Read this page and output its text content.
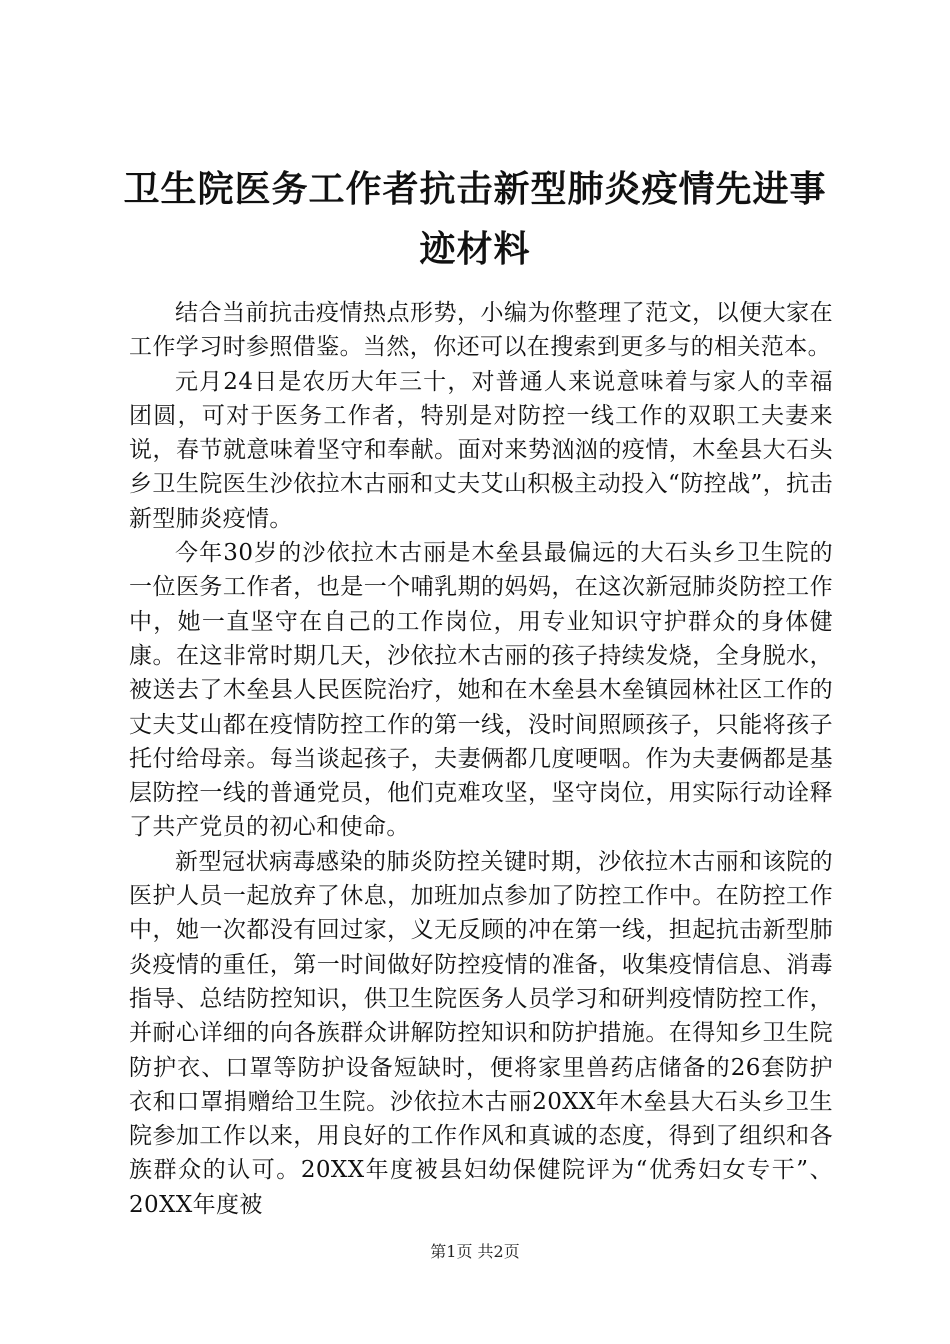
卫生院医务工作者抗击新型肺炎疫情先进事迹材料

结合当前抗击疫情热点形势，小编为你整理了范文，以便大家在工作学习时参照借鉴。当然，你还可以在搜索到更多与的相关范本。

元月24日是农历大年三十，对普通人来说意味着与家人的幸福团圆，可对于医务工作者，特别是对防控一线工作的双职工夫妻来说，春节就意味着坚守和奉献。面对来势汹汹的疫情，木垒县大石头乡卫生院医生沙依拉木古丽和丈夫艾山积极主动投入“防控战”，抗击新型肺炎疫情。

今年30岁的沙依拉木古丽是木垒县最偏远的大石头乡卫生院的一位医务工作者，也是一个哺乳期的妈妈，在这次新冠肺炎防控工作中，她一直坚守在自己的工作岗位，用专业知识守护群众的身体健康。在这非常时期几天，沙依拉木古丽的孩子持续发烧，全身脱水，被送去了木垒县人民医院治疗，她和在木垒县木垒镇园林社区工作的丈夫艾山都在疫情防控工作的第一线，没时间照顾孩子，只能将孩子托付给母亲。每当谈起孩子，夫妻俩都几度哽咽。作为夫妻俩都是基层防控一线的普通党员，他们克难攻坚，坚守岗位，用实际行动诠释了共产党员的初心和使命。

新型冠状病毒感染的肺炎防控关键时期，沙依拉木古丽和该院的医护人员一起放弃了休息，加班加点参加了防控工作中。在防控工作中，她一次都没有回过家，义无反顾的冲在第一线，担起抗击新型肺炎疫情的重任，第一时间做好防控疫情的准备，收集疫情信息、消毒指导、总结防控知识，供卫生院医务人员学习和研判疫情防控工作，并耐心详细的向各族群众讲解防控知识和防护措施。在得知乡卫生院防护衣、口罩等防护设备短缺时，便将家里兽药店储备的26套防护衣和口罩捐赠给卫生院。沙依拉木古丽20XX年木垒县大石头乡卫生院参加工作以来，用良好的工作作风和真诚的态度，得到了组织和各族群众的认可。20XX年度被县妇幼保健院评为“优秀妇女专干”、20XX年度被

第1页 共2页
